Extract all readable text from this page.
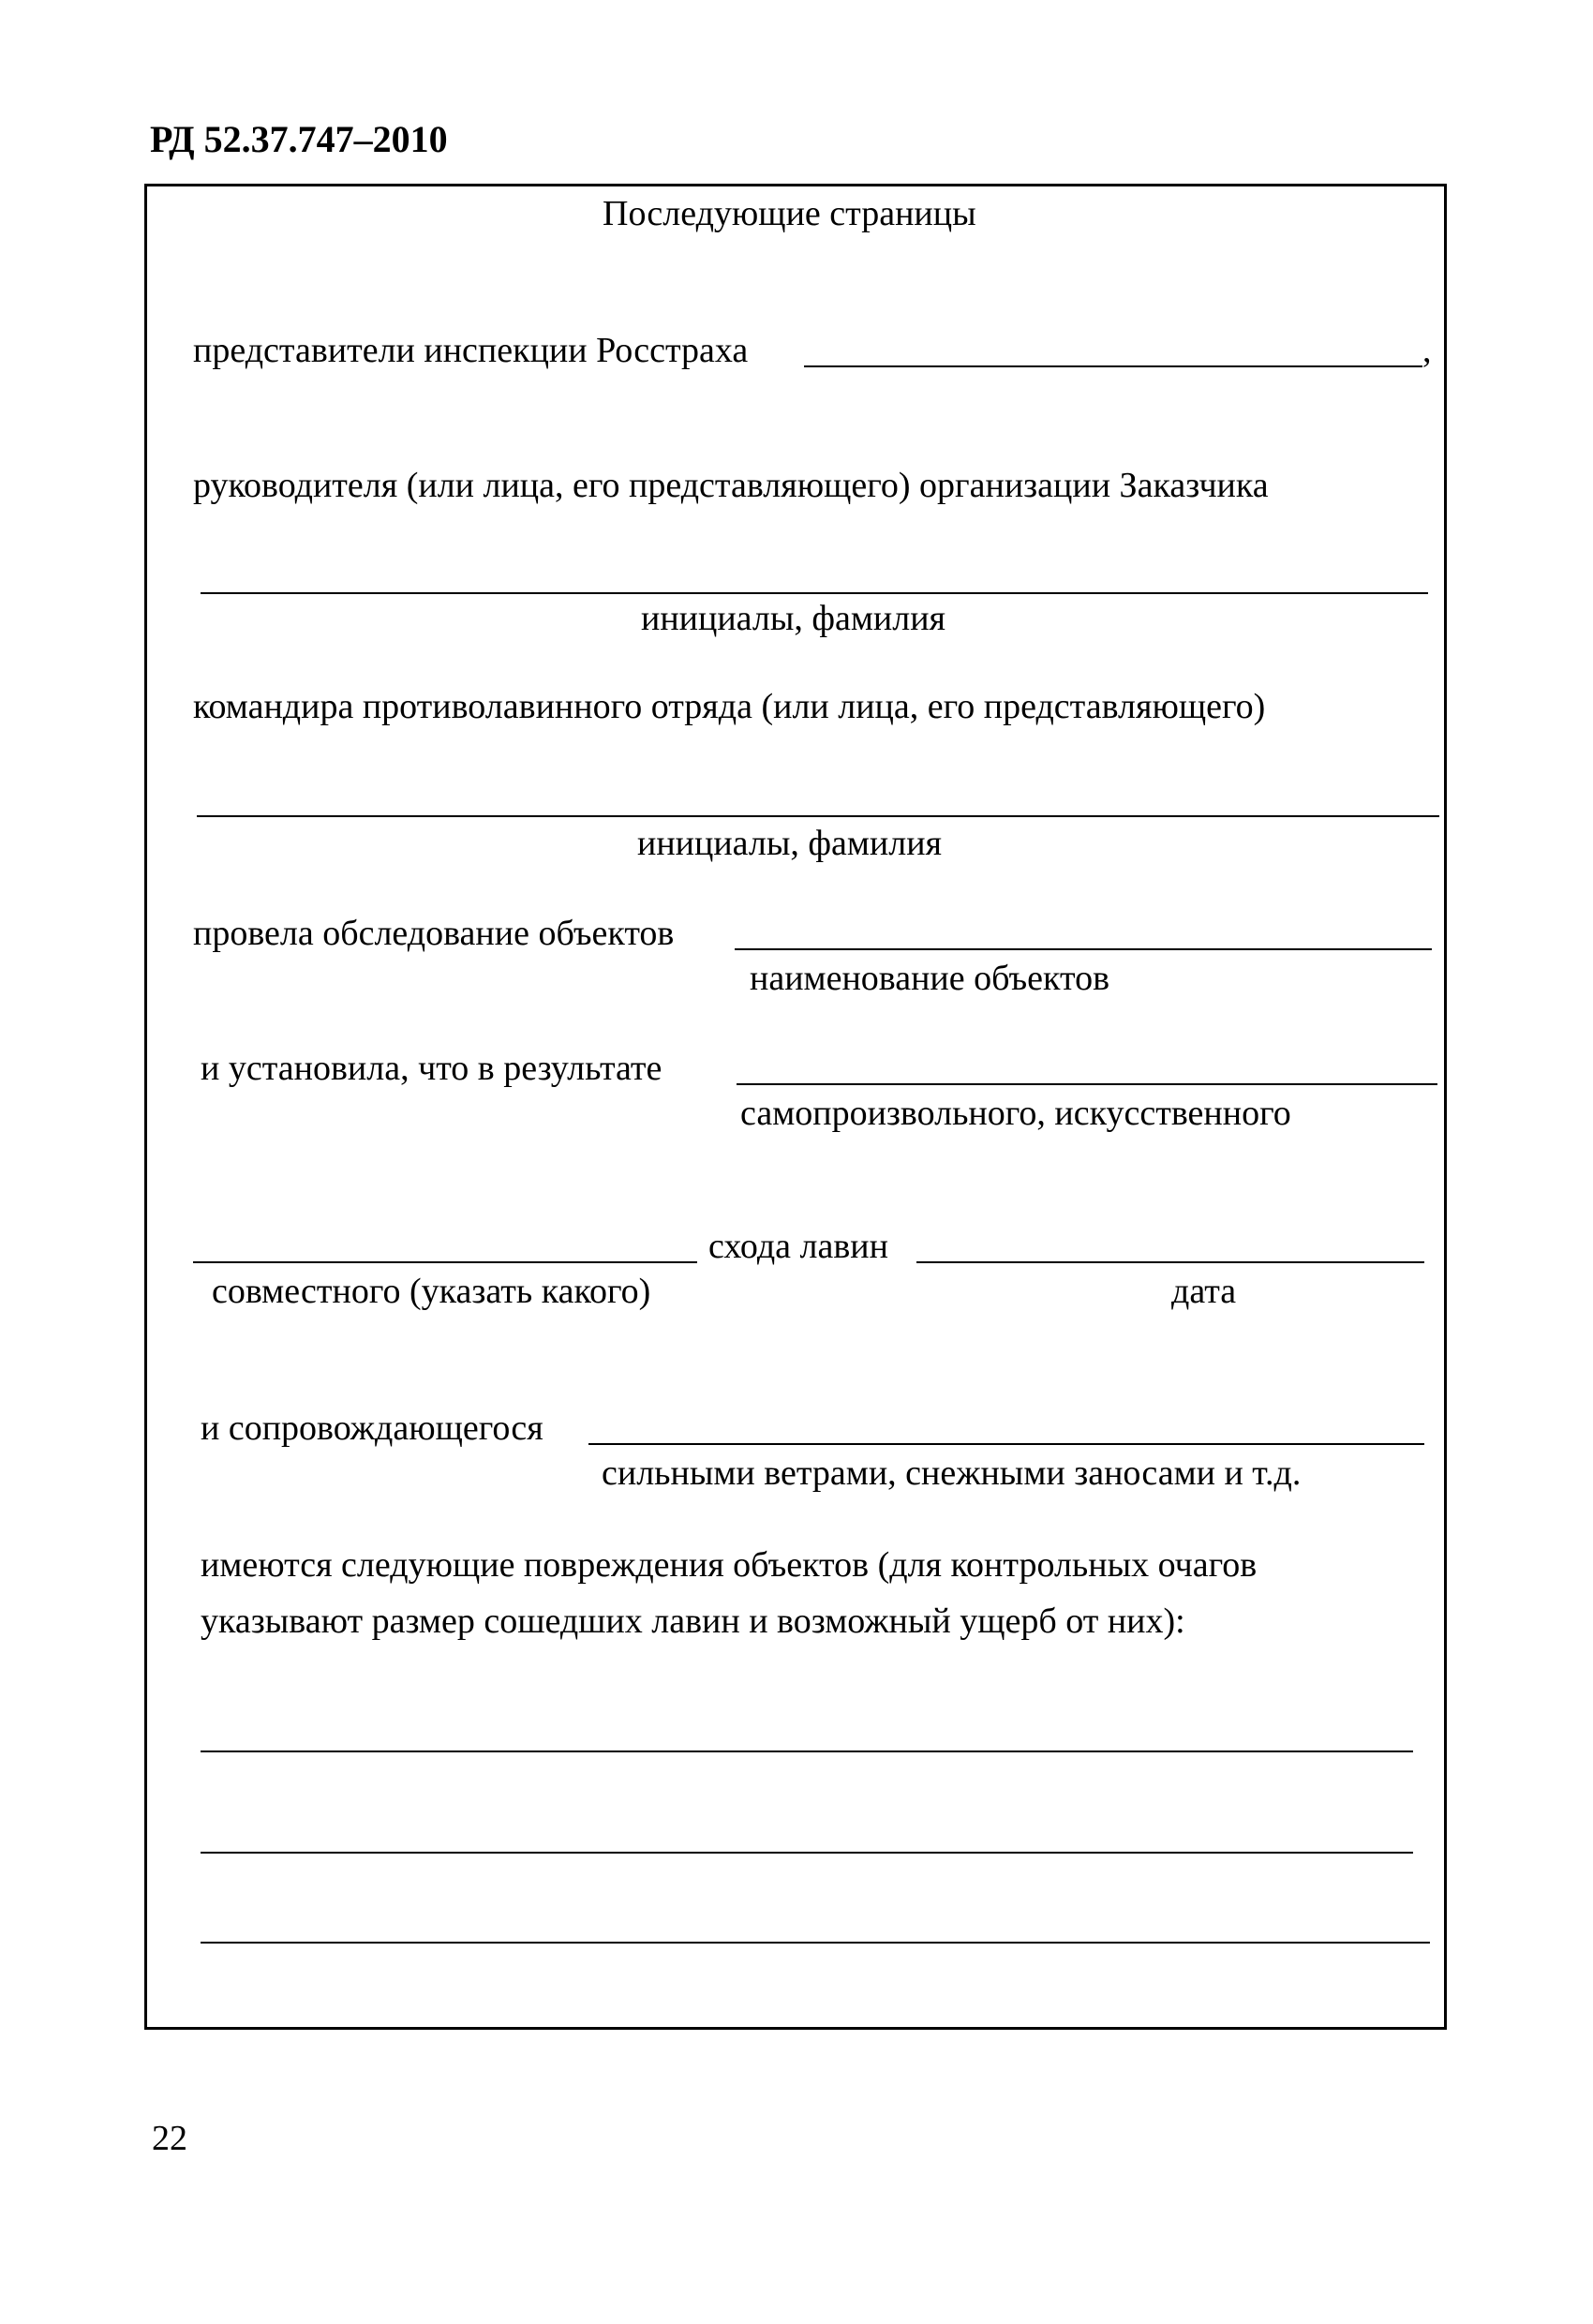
РД 52.37.747–2010
Последующие страницы
представители инспекции Росстраха	,
руководителя (или лица, его представляющего) организации Заказчика
инициалы, фамилия
командира противолавинного отряда (или лица, его представляющего)
инициалы, фамилия
провела обследование объектов
наименование объектов
и установила, что в результате
самопроизвольного, искусственного
схода лавин
совместного (указать какого)	дата
и сопровождающегося
сильными ветрами, снежными заносами и т.д.
имеются следующие повреждения объектов (для контрольных очагов
указывают размер сошедших лавин и возможный ущерб от них):
22
